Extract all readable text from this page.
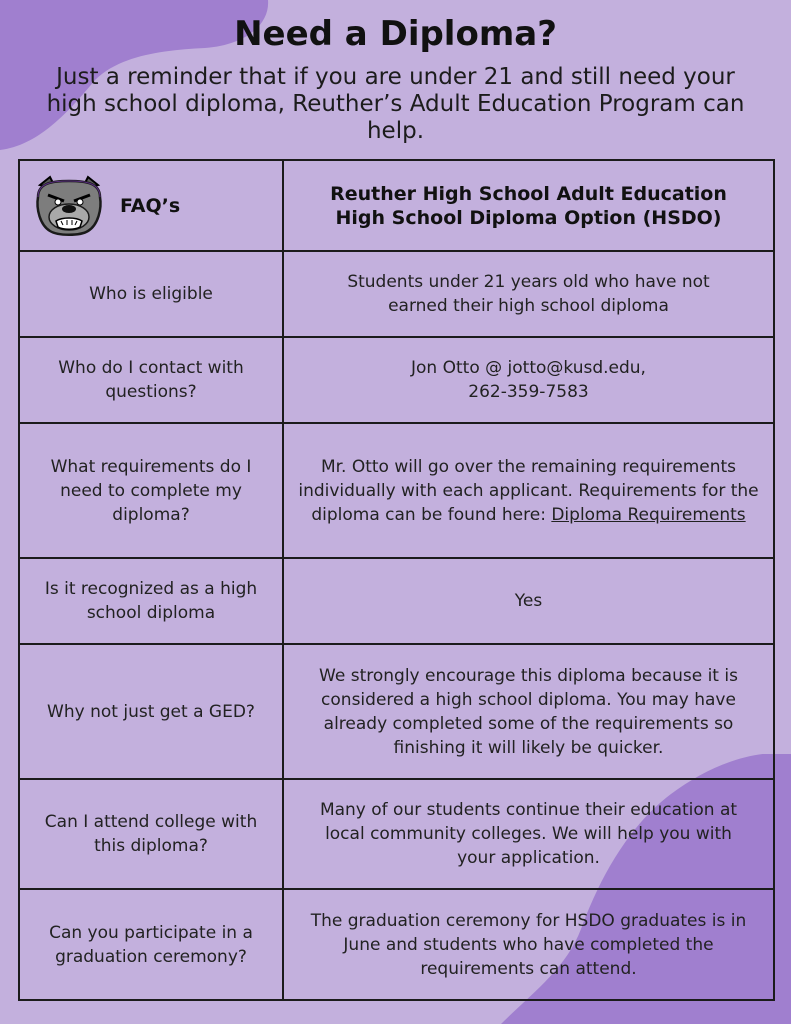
Need a Diploma?

Just a reminder that if you are under 21 and still need your high school diploma, Reuther’s Adult Education Program can help.

FAQ’s	Reuther High School Adult Education
High School Diploma Option (HSDO)

Who is eligible	Students under 21 years old who have not earned their high school diploma
Who do I contact with questions?	Jon Otto @ jotto@kusd.edu,
262-359-7583

What requirements do I need to complete my diploma?	Mr. Otto will go over the remaining requirements individually with each applicant. Requirements for the diploma can be found here: Diploma Requirements
Is it recognized as a high school diploma	Yes
Why not just get a GED?	We strongly encourage this diploma because it is considered a high school diploma. You may have already completed some of the requirements so finishing it will likely be quicker.
Can I attend college with this diploma?	Many of our students continue their education at local community colleges. We will help you with your application.
Can you participate in a graduation ceremony?	The graduation ceremony for HSDO graduates is in June and students who have completed the requirements can attend.
